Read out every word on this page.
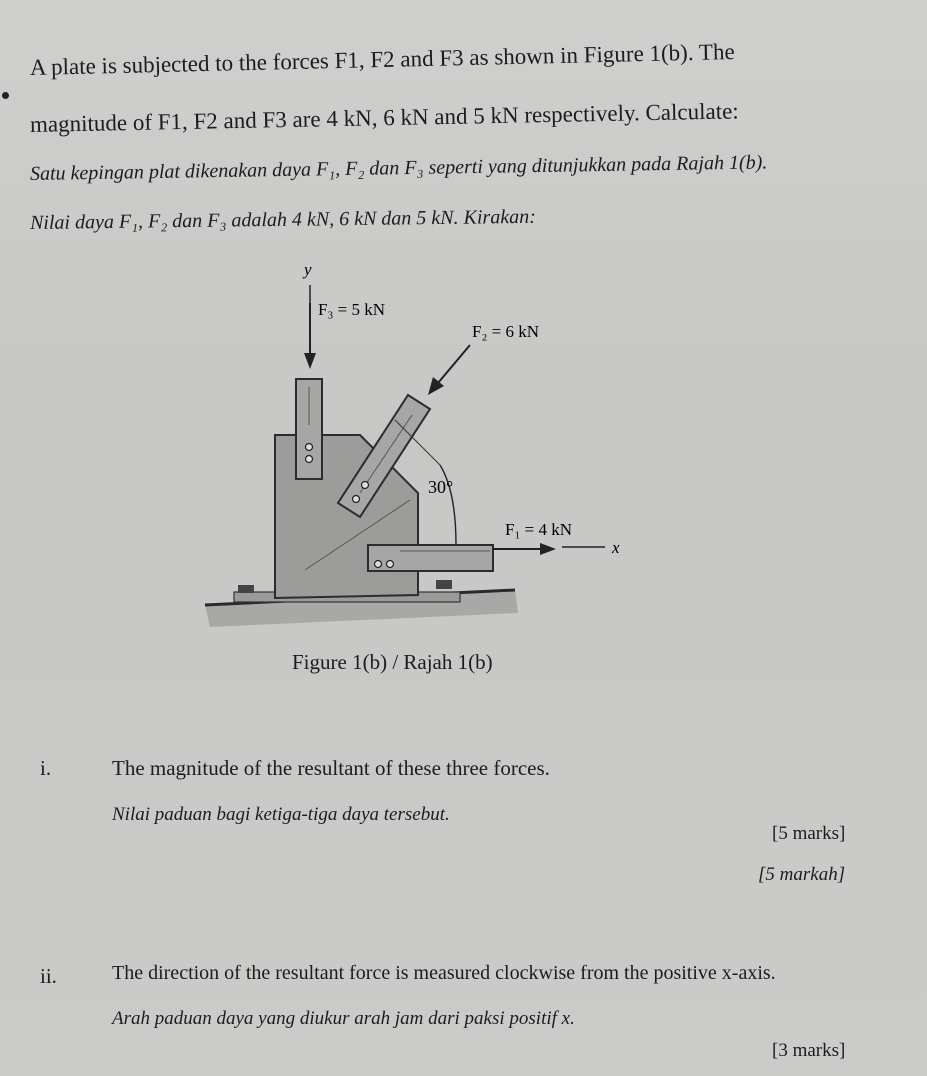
A plate is subjected to the forces F1, F2 and F3 as shown in Figure 1(b). The
magnitude of F1, F2 and F3 are 4 kN, 6 kN and 5 kN respectively. Calculate:
Satu kepingan plat dikenakan daya F₁, F₂ dan F₃ seperti yang ditunjukkan pada Rajah 1(b).
Nilai daya F₁, F₂ dan F₃ adalah 4 kN, 6 kN dan 5 kN. Kirakan:
30°
y
F₃ = 5 kN
F₂ = 6 kN
F₁ = 4 kN
x
Figure 1(b) / Rajah 1(b)
i.	The magnitude of the resultant of these three forces.
Nilai paduan bagi ketiga-tiga daya tersebut.
[5 marks]
[5 markah]
ii.	The direction of the resultant force is measured clockwise from the positive x-axis.
Arah paduan daya yang diukur arah jam dari paksi positif x.
[3 marks]
